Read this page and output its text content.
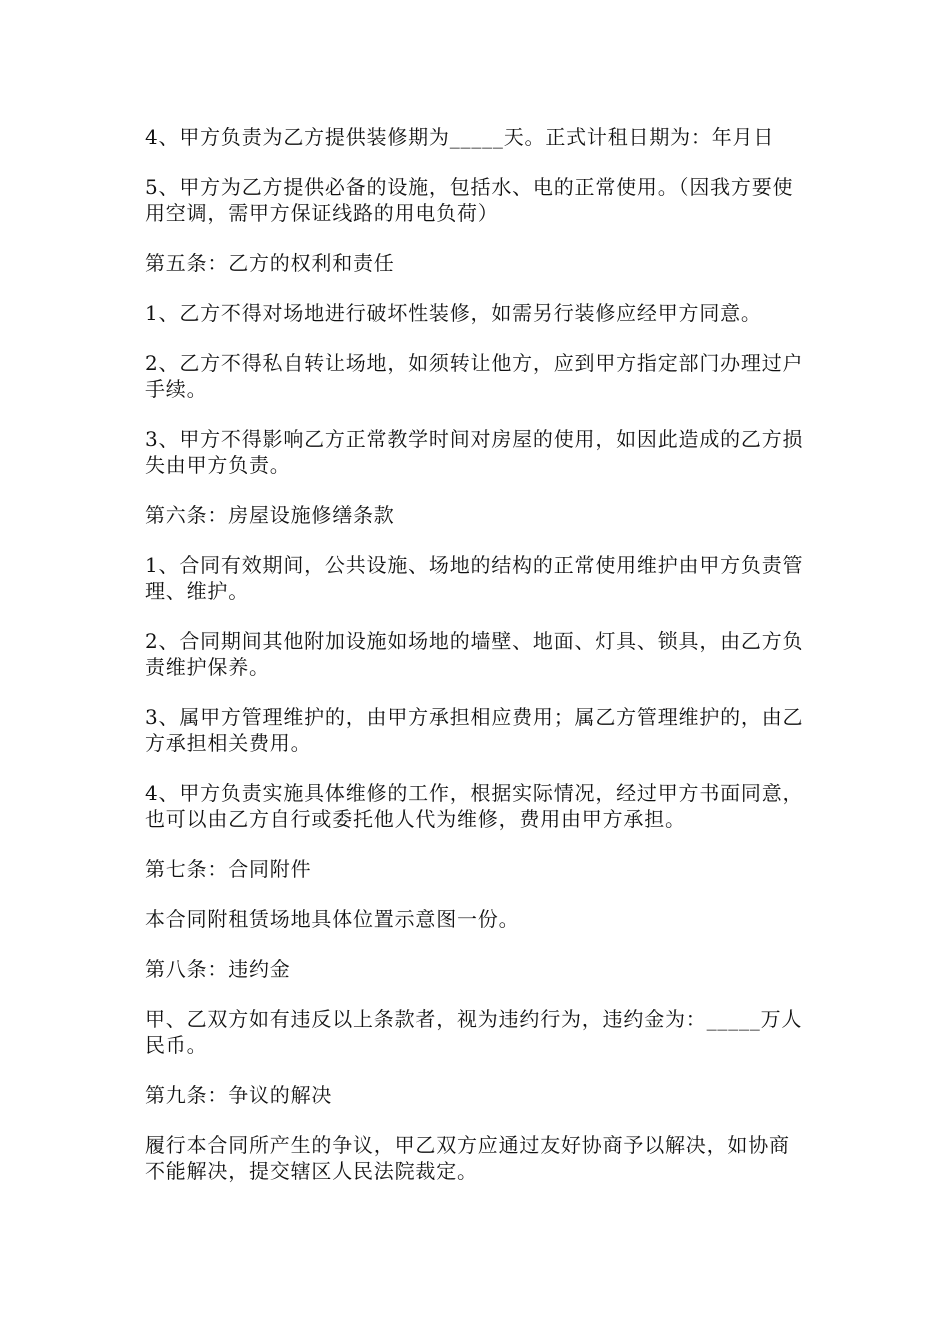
4、甲方负责为乙方提供装修期为_____天。正式计租日期为：年月日

5、甲方为乙方提供必备的设施，包括水、电的正常使用。（因我方要使用空调，需甲方保证线路的用电负荷）

第五条：乙方的权利和责任

1、乙方不得对场地进行破坏性装修，如需另行装修应经甲方同意。

2、乙方不得私自转让场地，如须转让他方，应到甲方指定部门办理过户手续。

3、甲方不得影响乙方正常教学时间对房屋的使用，如因此造成的乙方损失由甲方负责。

第六条：房屋设施修缮条款

1、合同有效期间，公共设施、场地的结构的正常使用维护由甲方负责管理、维护。

2、合同期间其他附加设施如场地的墙壁、地面、灯具、锁具，由乙方负责维护保养。

3、属甲方管理维护的，由甲方承担相应费用；属乙方管理维护的，由乙方承担相关费用。

4、甲方负责实施具体维修的工作，根据实际情况，经过甲方书面同意，也可以由乙方自行或委托他人代为维修，费用由甲方承担。

第七条：合同附件

本合同附租赁场地具体位置示意图一份。

第八条：违约金

甲、乙双方如有违反以上条款者，视为违约行为，违约金为：_____万人民币。

第九条：争议的解决

履行本合同所产生的争议，甲乙双方应通过友好协商予以解决，如协商不能解决，提交辖区人民法院裁定。
